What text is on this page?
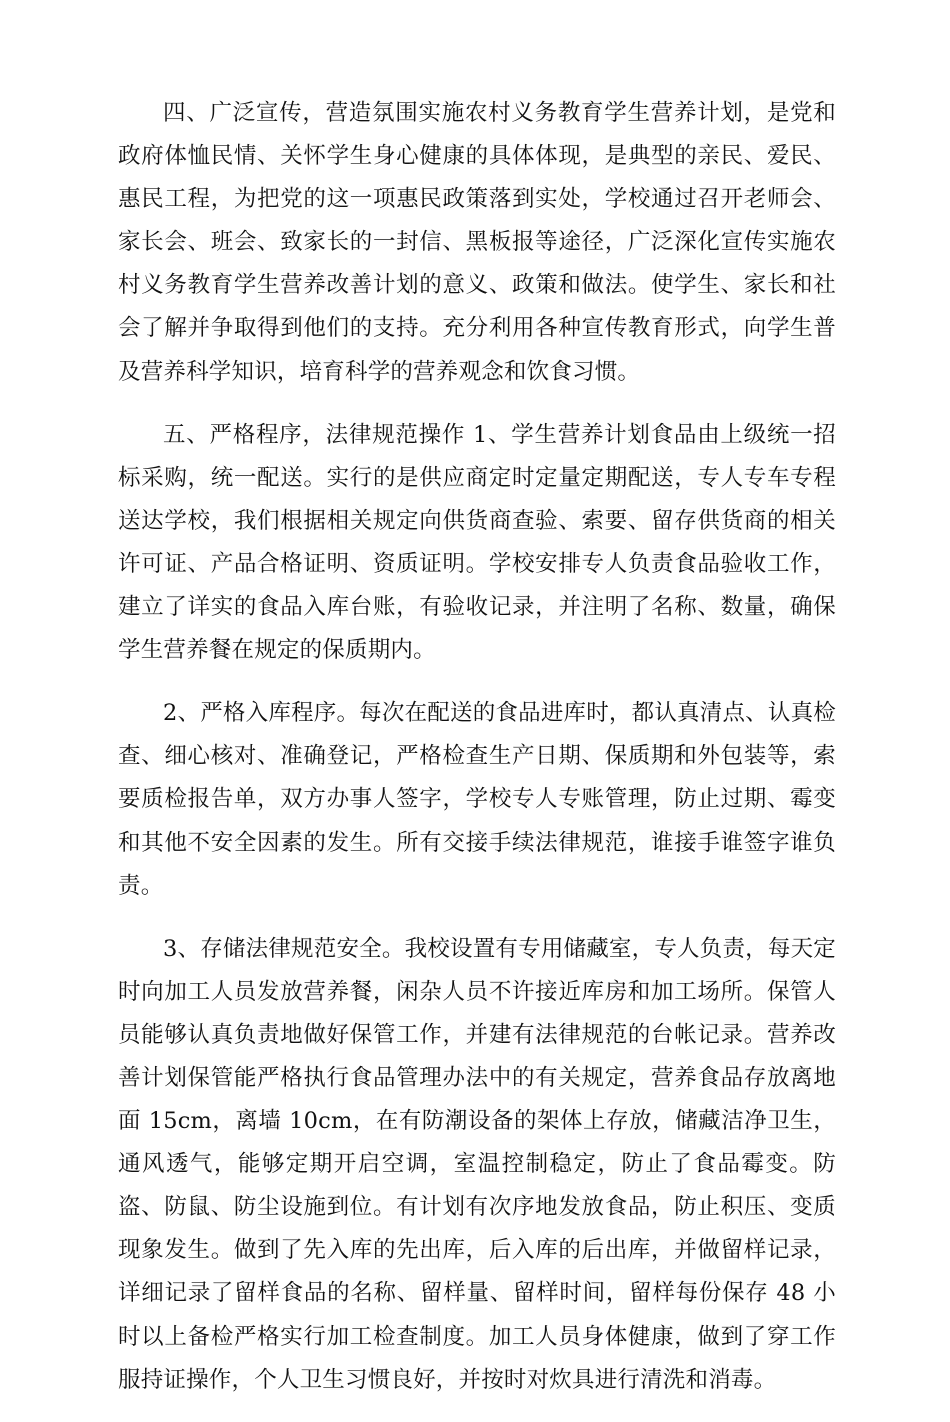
四、广泛宣传，营造氛围实施农村义务教育学生营养计划，是党和政府体恤民情、关怀学生身心健康的具体体现，是典型的亲民、爱民、惠民工程，为把党的这一项惠民政策落到实处，学校通过召开老师会、家长会、班会、致家长的一封信、黑板报等途径，广泛深化宣传实施农村义务教育学生营养改善计划的意义、政策和做法。使学生、家长和社会了解并争取得到他们的支持。充分利用各种宣传教育形式，向学生普及营养科学知识，培育科学的营养观念和饮食习惯。

五、严格程序，法律规范操作 1、学生营养计划食品由上级统一招标采购，统一配送。实行的是供应商定时定量定期配送，专人专车专程送达学校，我们根据相关规定向供货商查验、索要、留存供货商的相关许可证、产品合格证明、资质证明。学校安排专人负责食品验收工作，建立了详实的食品入库台账，有验收记录，并注明了名称、数量，确保学生营养餐在规定的保质期内。

2、严格入库程序。每次在配送的食品进库时，都认真清点、认真检查、细心核对、准确登记，严格检查生产日期、保质期和外包装等，索要质检报告单，双方办事人签字，学校专人专账管理，防止过期、霉变和其他不安全因素的发生。所有交接手续法律规范，谁接手谁签字谁负责。

3、存储法律规范安全。我校设置有专用储藏室，专人负责，每天定时向加工人员发放营养餐，闲杂人员不许接近库房和加工场所。保管人员能够认真负责地做好保管工作，并建有法律规范的台帐记录。营养改善计划保管能严格执行食品管理办法中的有关规定，营养食品存放离地面 15cm，离墙 10cm，在有防潮设备的架体上存放，储藏洁净卫生，通风透气，能够定期开启空调，室温控制稳定，防止了食品霉变。防盗、防鼠、防尘设施到位。有计划有次序地发放食品，防止积压、变质现象发生。做到了先入库的先出库，后入库的后出库，并做留样记录，详细记录了留样食品的名称、留样量、留样时间，留样每份保存 48 小时以上备检严格实行加工检查制度。加工人员身体健康，做到了穿工作服持证操作，个人卫生习惯良好，并按时对炊具进行清洗和消毒。
